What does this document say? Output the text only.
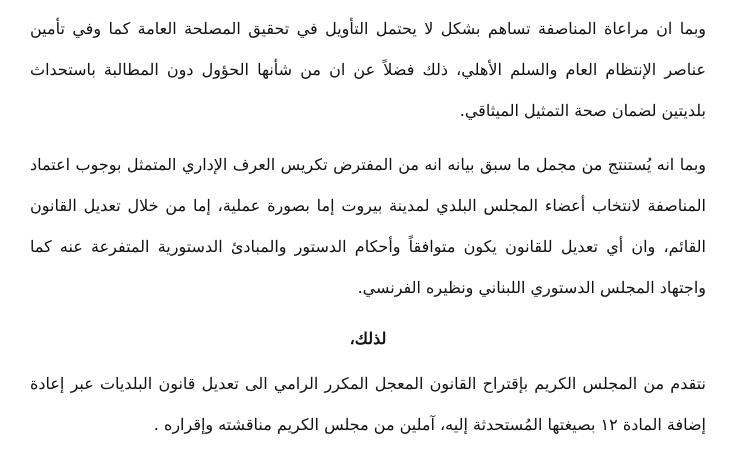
وبما ان مراعاة المناصفة تساهم بشكل لا يحتمل التأويل في تحقيق المصلحة العامة كما وفي تأمين عناصر الإنتظام العام والسلم الأهلي، ذلك فضلاً عن ان من شأنها الحؤول دون المطالبة باستحداث بلديتين لضمان صحة التمثيل الميثاقي.

وبما انه يُستنتج من مجمل ما سبق بيانه انه من المفترض تكريس العرف الإداري المتمثل بوجوب اعتماد المناصفة لانتخاب أعضاء المجلس البلدي لمدينة بيروت إما بصورة عملية، إما من خلال تعديل القانون القائم، وان أي تعديل للقانون يكون متوافقاً وأحكام الدستور والمبادئ الدستورية المتفرعة عنه كما واجتهاد المجلس الدستوري اللبناني ونظيره الفرنسي.

لذلك،

نتقدم من المجلس الكريم بإقتراح القانون المعجل المكرر الرامي الى تعديل قانون البلديات عبر إعادة إضافة المادة ١٢ بصيغتها المُستحدثة إليه، آملين من مجلس الكريم مناقشته وإقراره .
